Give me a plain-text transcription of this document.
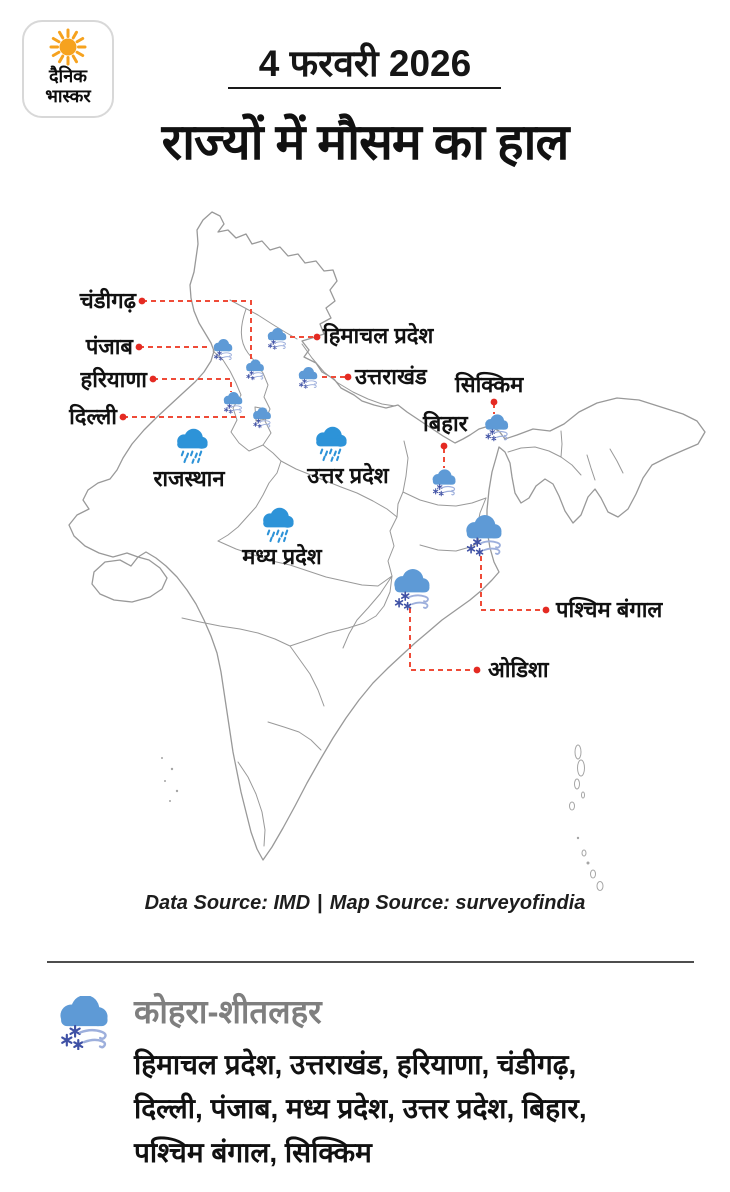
दैनिक
भास्कर
4 फरवरी 2026
राज्यों में मौसम का हाल
चंडीगढ़
पंजाब
हरियाणा
दिल्ली
हिमाचल प्रदेश
उत्तराखंड सिक्किम
बिहार
राजस्थान	उत्तर प्रदेश
मध्य प्रदेश
पश्चिम बंगाल
ओडिशा
Data Source: IMD | Map Source: surveyofindia
कोहरा-शीतलहर
हिमाचल प्रदेश, उत्तराखंड, हरियाणा, चंडीगढ़,
दिल्ली, पंजाब, मध्य प्रदेश, उत्तर प्रदेश, बिहार,
पश्चिम बंगाल, सिक्किम
